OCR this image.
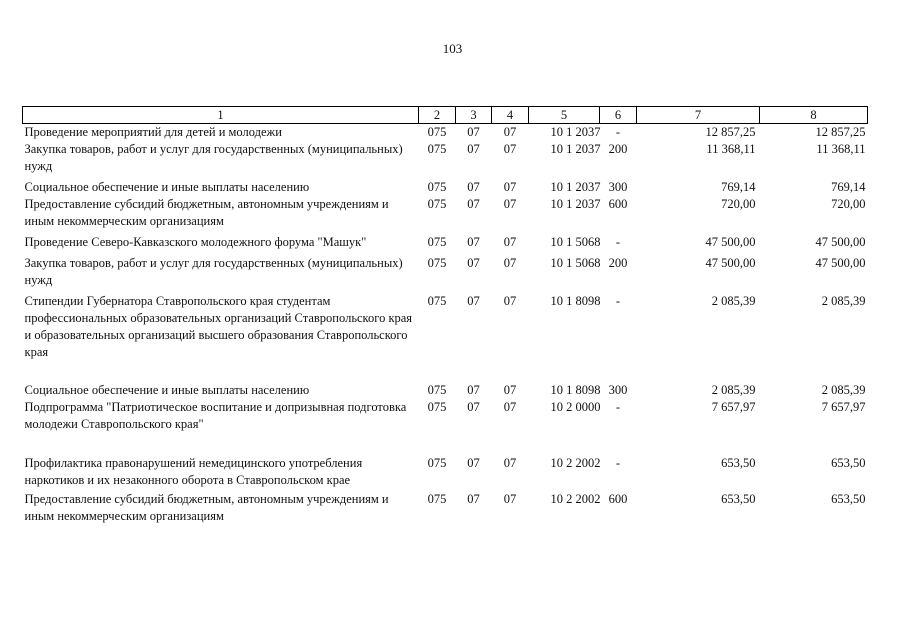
103
1	2	3	4	5	6	7	8
Проведение мероприятий для детей и молодежи	075	07	07	10 1 2037	-	12 857,25	12 857,25
Закупка товаров, работ и услуг для государственных (муниципальных) нужд	075	07	07	10 1 2037	200	11 368,11	11 368,11
Социальное обеспечение и иные выплаты населению	075	07	07	10 1 2037	300	769,14	769,14
Предоставление субсидий бюджетным, автономным учреждениям и иным некоммерческим организациям	075	07	07	10 1 2037	600	720,00	720,00
Проведение Северо-Кавказского молодежного форума "Машук"	075	07	07	10 1 5068	-	47 500,00	47 500,00
Закупка товаров, работ и услуг для государственных (муниципальных) нужд	075	07	07	10 1 5068	200	47 500,00	47 500,00
Стипендии Губернатора Ставропольского края студентам профессиональных образовательных организаций Ставропольского края и образовательных организаций высшего образования Ставропольского края	075	07	07	10 1 8098	-	2 085,39	2 085,39
Социальное обеспечение и иные выплаты населению	075	07	07	10 1 8098	300	2 085,39	2 085,39
Подпрограмма "Патриотическое воспитание и допризывная подготовка молодежи Ставропольского края"	075	07	07	10 2 0000	-	7 657,97	7 657,97
Профилактика правонарушений немедицинского употребления наркотиков и их незаконного оборота в Ставропольском крае	075	07	07	10 2 2002	-	653,50	653,50
Предоставление субсидий бюджетным, автономным учреждениям и иным некоммерческим организациям	075	07	07	10 2 2002	600	653,50	653,50
